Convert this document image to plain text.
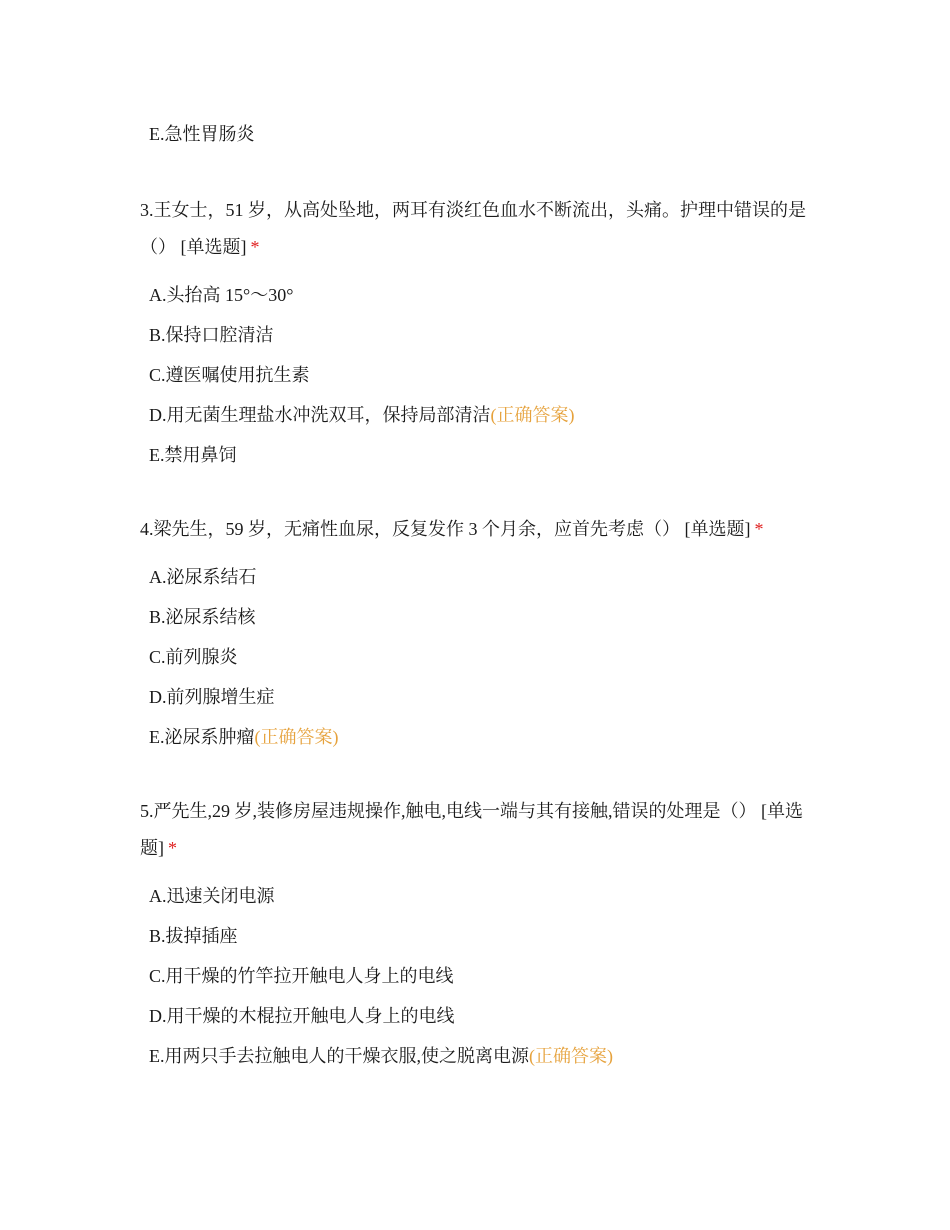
E.急性胃肠炎

3.王女士，51 岁，从高处坠地，两耳有淡红色血水不断流出，头痛。护理中错误的是（） [单选题] *

A.头抬高 15°～30°

B.保持口腔清洁

C.遵医嘱使用抗生素

D.用无菌生理盐水冲洗双耳，保持局部清洁(正确答案)

E.禁用鼻饲

4.梁先生，59 岁，无痛性血尿，反复发作 3 个月余，应首先考虑（） [单选题] *

A.泌尿系结石

B.泌尿系结核

C.前列腺炎

D.前列腺增生症

E.泌尿系肿瘤(正确答案)

5.严先生,29 岁,装修房屋违规操作,触电,电线一端与其有接触,错误的处理是（） [单选题] *

A.迅速关闭电源

B.拔掉插座

C.用干燥的竹竿拉开触电人身上的电线

D.用干燥的木棍拉开触电人身上的电线

E.用两只手去拉触电人的干燥衣服,使之脱离电源(正确答案)
